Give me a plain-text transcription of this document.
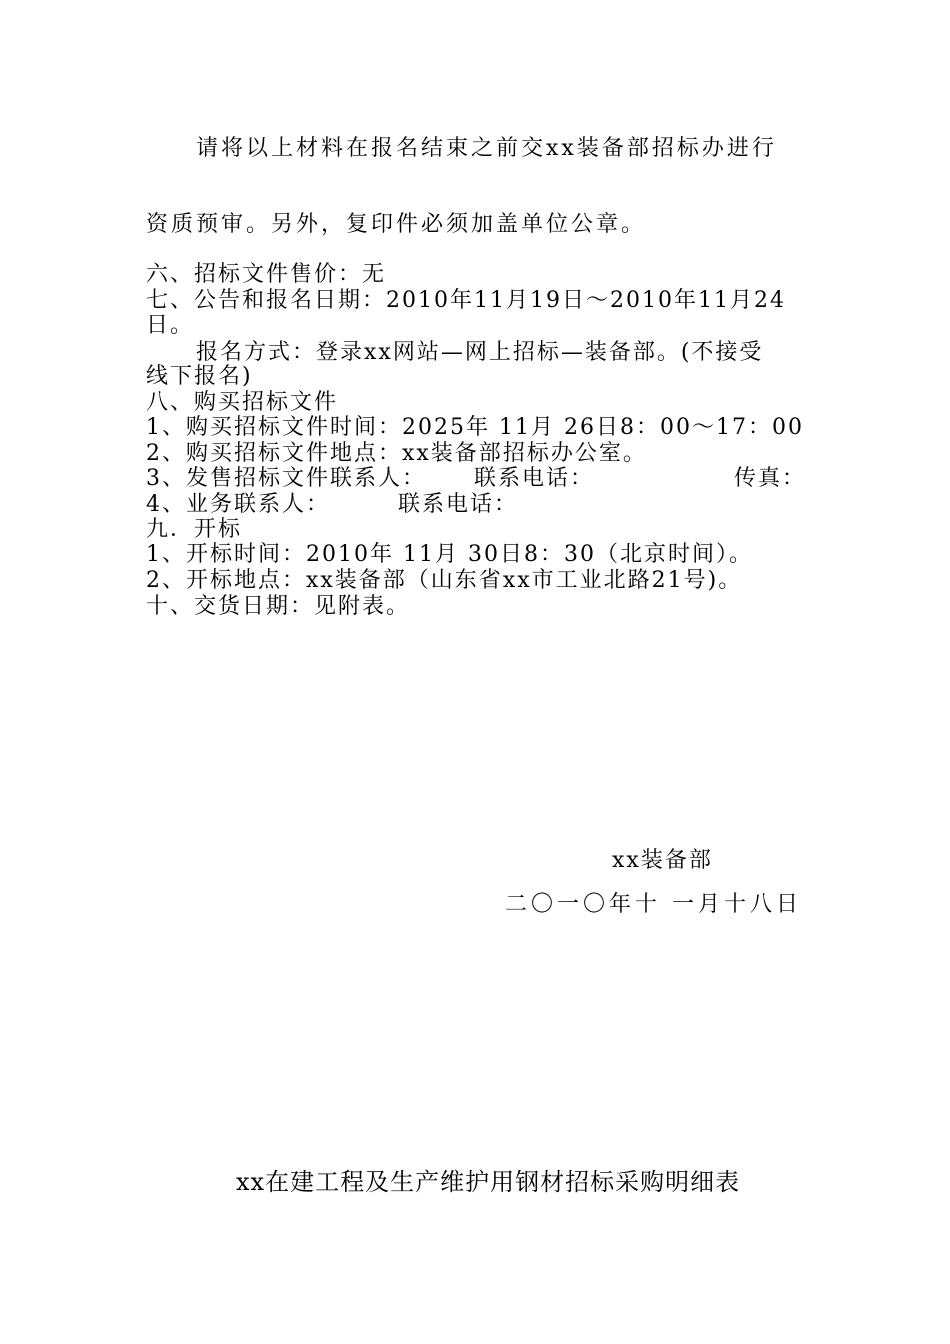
请将以上材料在报名结束之前交xx装备部招标办进行
资质预审。另外，复印件必须加盖单位公章。
六、招标文件售价：无
七、公告和报名日期：2010年11月19日～2010年11月24
日。
报名方式：登录xx网站—网上招标—装备部。(不接受
线下报名)
八、购买招标文件
1、购买招标文件时间：2025年 11月 26日8：00～17：00
2、购买招标文件地点：xx装备部招标办公室。
3、发售招标文件联系人： 联系电话：	传真：
4、业务联系人：	联系电话：
九．开标
1、开标时间：2010年 11月 30日8：30（北京时间）。
2、开标地点：xx装备部（山东省xx市工业北路21号)。
十、交货日期：见附表。
xx装备部
二〇一〇年十 一月十八日
xx在建工程及生产维护用钢材招标采购明细表
